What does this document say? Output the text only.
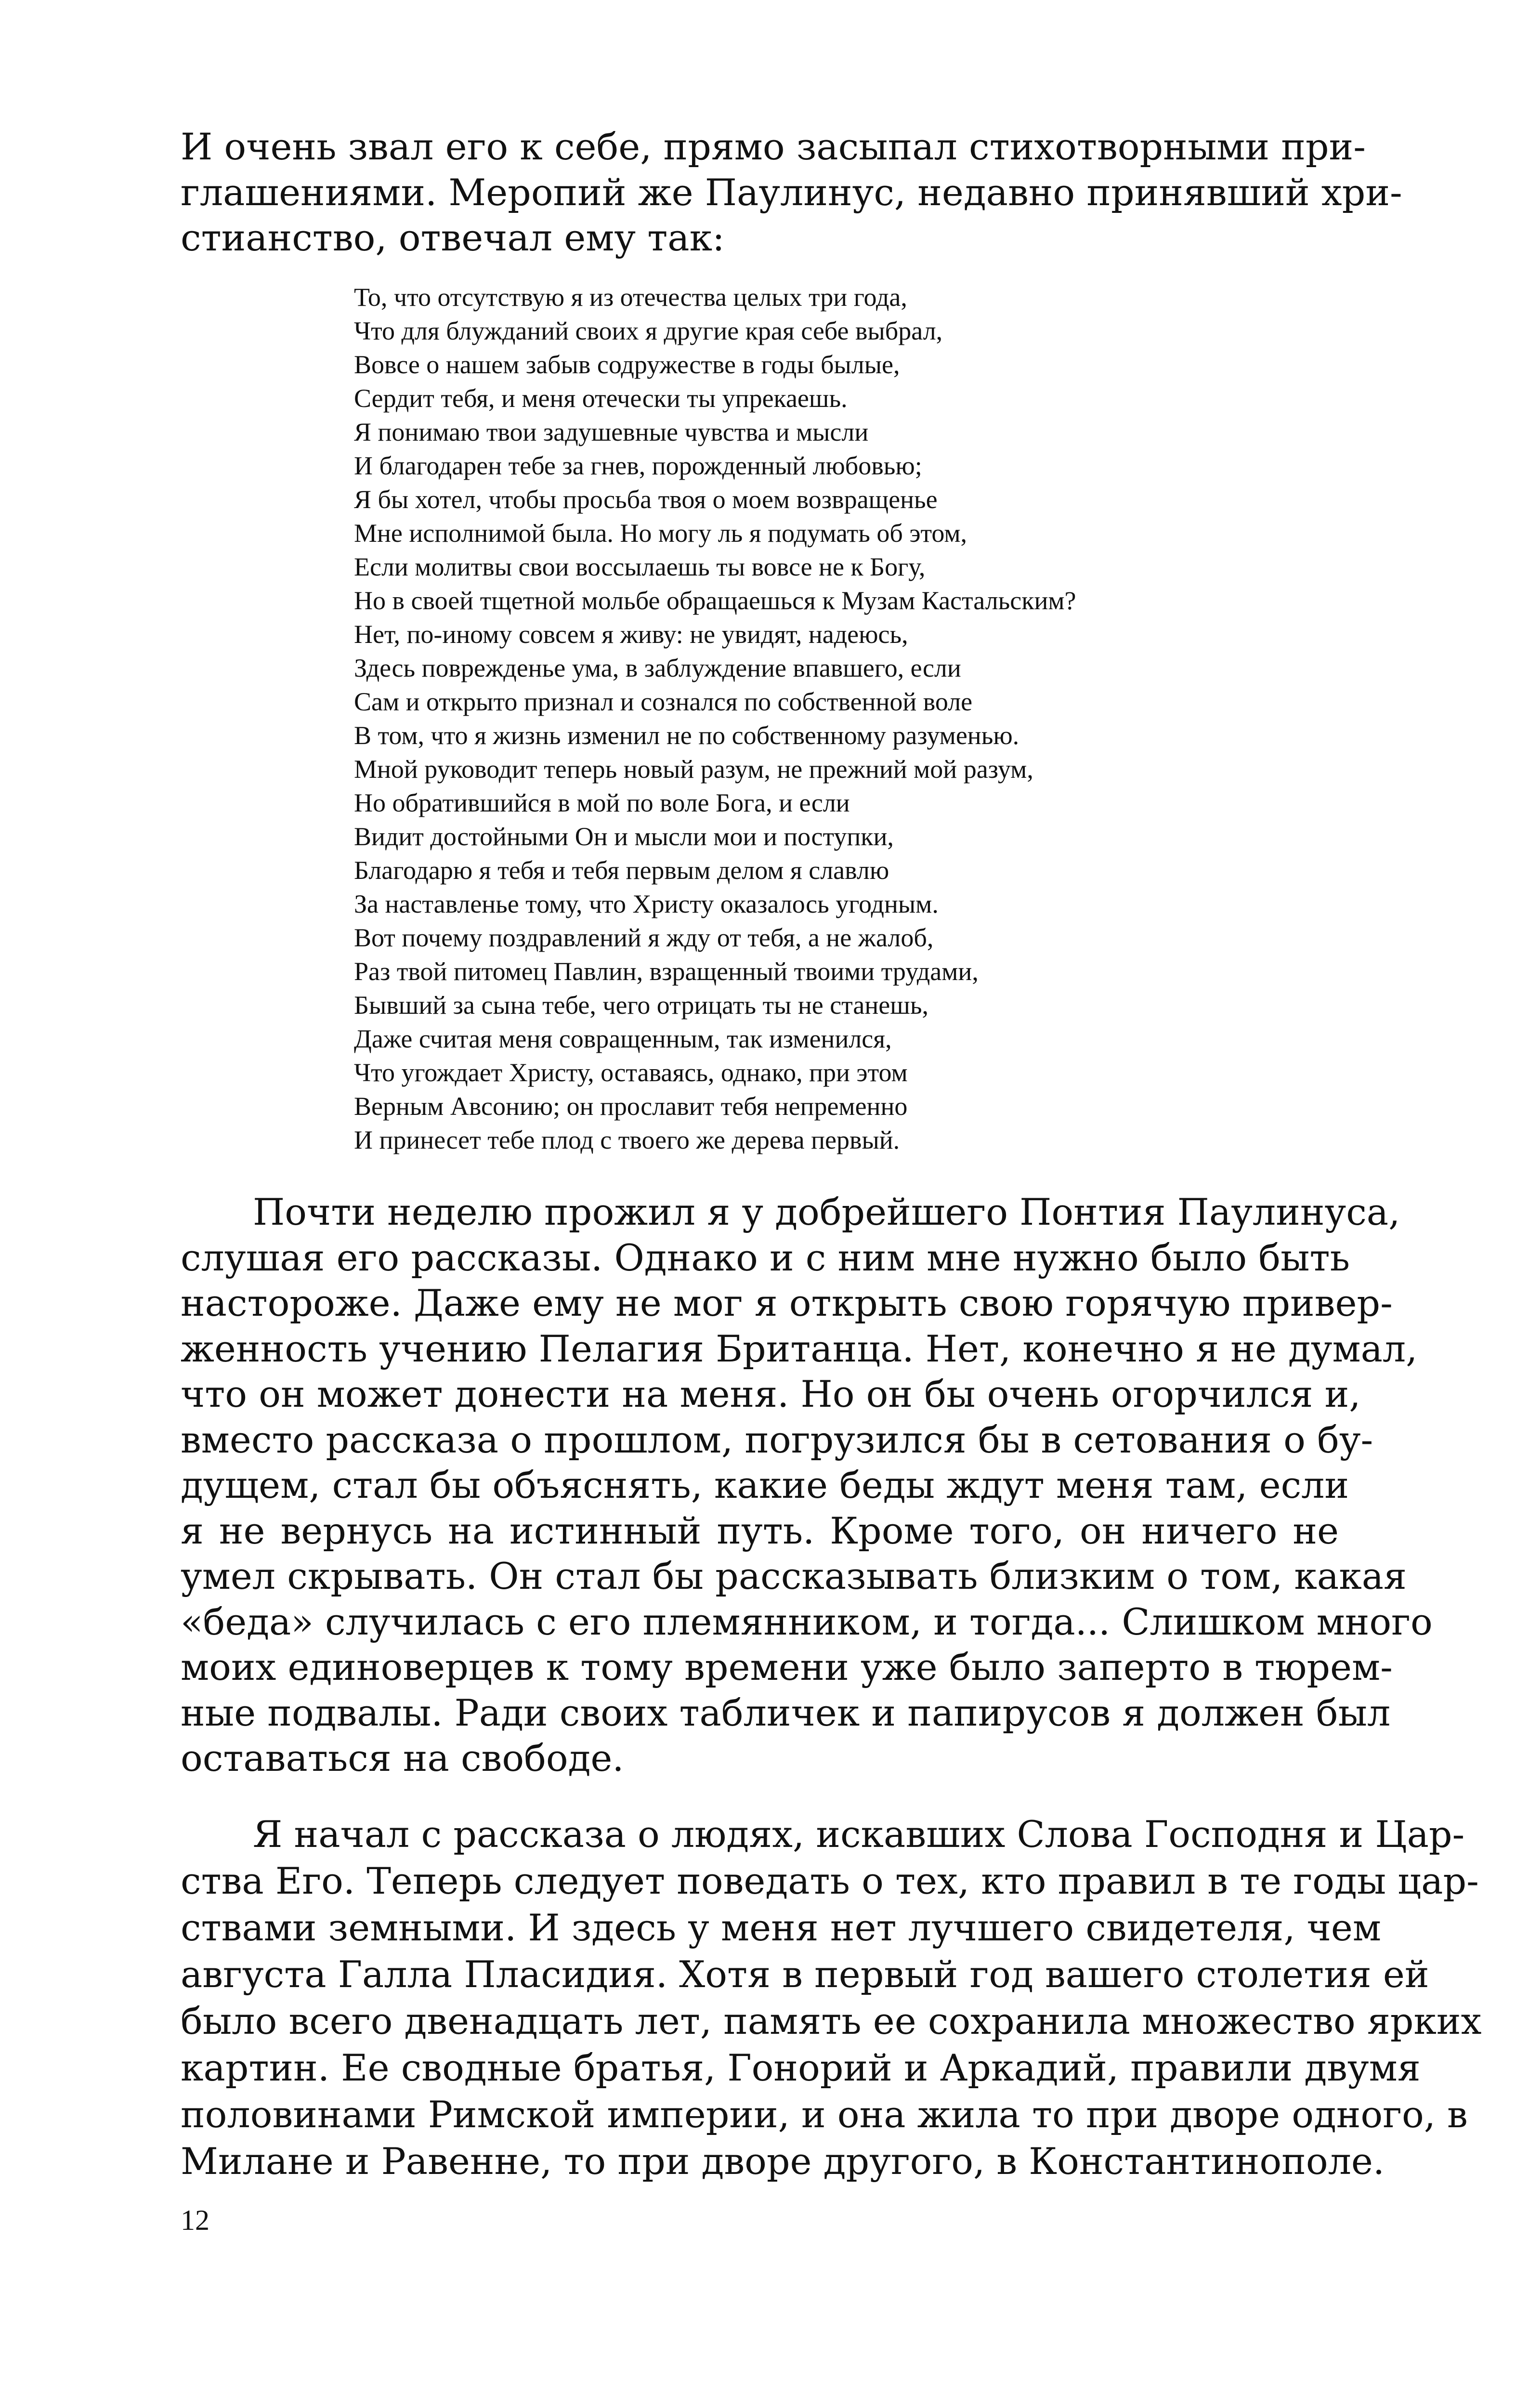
И очень звал его к себе, прямо засыпал стихотворными при-
глашениями. Меропий же Паулинус, недавно принявший хри-
стианство, отвечал ему так:
То, что отсутствую я из отечества целых три года,
Что для блужданий своих я другие края себе выбрал,
Вовсе о нашем забыв содружестве в годы былые,
Сердит тебя, и меня отечески ты упрекаешь.
Я понимаю твои задушевные чувства и мысли
И благодарен тебе за гнев, порожденный любовью;
Я бы хотел, чтобы просьба твоя о моем возвращенье
Мне исполнимой была. Но могу ль я подумать об этом,
Если молитвы свои воссылаешь ты вовсе не к Богу,
Но в своей тщетной мольбе обращаешься к Музам Кастальским?
Нет, по-иному совсем я живу: не увидят, надеюсь,
Здесь поврежденье ума, в заблуждение впавшего, если
Сам и открыто признал и сознался по собственной воле
В том, что я жизнь изменил не по собственному разуменью.
Мной руководит теперь новый разум, не прежний мой разум,
Но обратившийся в мой по воле Бога, и если
Видит достойными Он и мысли мои и поступки,
Благодарю я тебя и тебя первым делом я славлю
За наставленье тому, что Христу оказалось угодным.
Вот почему поздравлений я жду от тебя, а не жалоб,
Раз твой питомец Павлин, взращенный твоими трудами,
Бывший за сына тебе, чего отрицать ты не станешь,
Даже считая меня совращенным, так изменился,
Что угождает Христу, оставаясь, однако, при этом
Верным Авсонию; он прославит тебя непременно
И принесет тебе плод с твоего же дерева первый.
Почти неделю прожил я у добрейшего Понтия Паулинуса,
слушая его рассказы. Однако и с ним мне нужно было быть
настороже. Даже ему не мог я открыть свою горячую привер-
женность учению Пелагия Британца. Нет, конечно я не думал,
что он может донести на меня. Но он бы очень огорчился и,
вместо рассказа о прошлом, погрузился бы в сетования о бу-
дущем, стал бы объяснять, какие беды ждут меня там, если
я не вернусь на истинный путь. Кроме того, он ничего не
умел скрывать. Он стал бы рассказывать близким о том, какая
«беда» случилась с его племянником, и тогда... Слишком много
моих единоверцев к тому времени уже было заперто в тюрем-
ные подвалы. Ради своих табличек и папирусов я должен был
оставаться на свободе.
Я начал с рассказа о людях, искавших Слова Господня и Цар-
ства Его. Теперь следует поведать о тех, кто правил в те годы цар-
ствами земными. И здесь у меня нет лучшего свидетеля, чем
августа Галла Пласидия. Хотя в первый год вашего столетия ей
было всего двенадцать лет, память ее сохранила множество ярких
картин. Ее сводные братья, Гонорий и Аркадий, правили двумя
половинами Римской империи, и она жила то при дворе одного, в
Милане и Равенне, то при дворе другого, в Константинополе.
12
